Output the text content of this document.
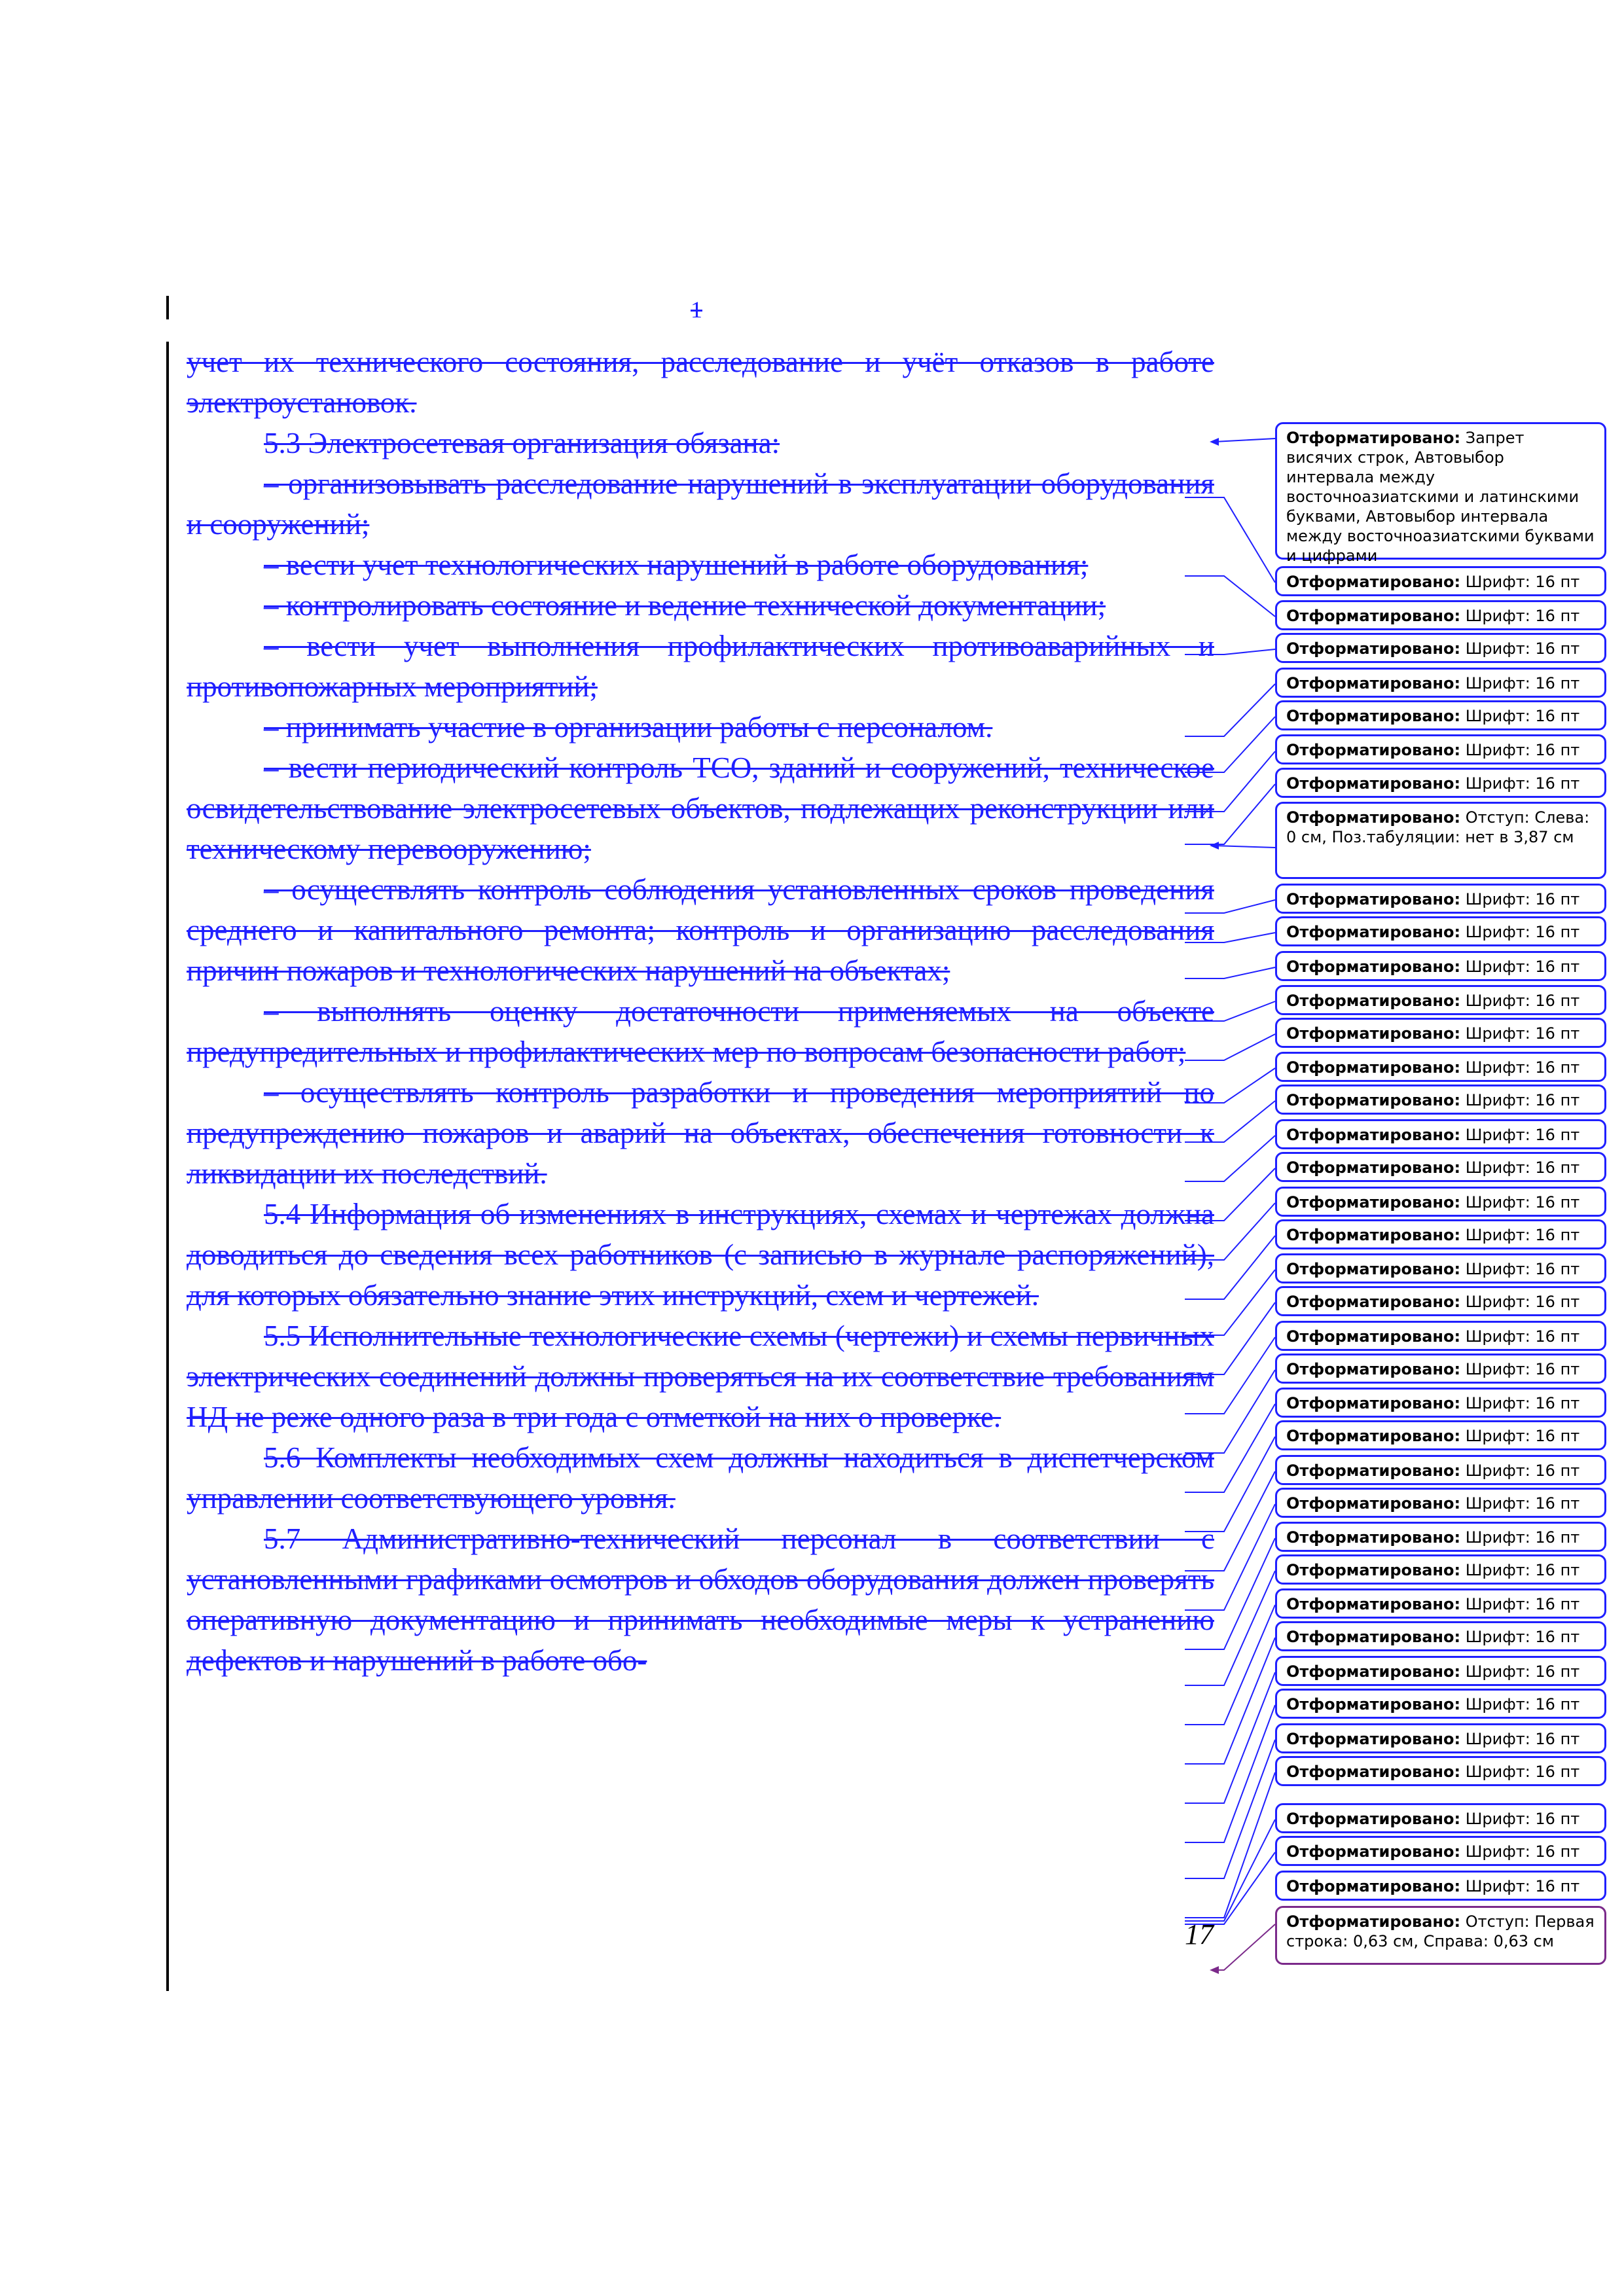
1

учет их технического состояния, расследование и учёт отказов в работе электроустановок.

5.3 Электросетевая организация обязана:

– организовывать расследование нарушений в эксплуатации оборудования и сооружений;

– вести учет технологических нарушений в работе оборудования;

– контролировать состояние и ведение технической документации;

– вести учет выполнения профилактических противоаварийных и противопожарных мероприятий;

– принимать участие в организации работы с персоналом.

– вести периодический контроль ТСО, зданий и сооружений, техническое освидетельствование электросетевых объектов, подлежащих реконструкции или техническому перевооружению;

– осуществлять контроль соблюдения установленных сроков проведения среднего и капитального ремонта; контроль и организацию расследования причин пожаров и технологических нарушений на объектах;

– выполнять оценку достаточности применяемых на объекте предупредительных и профилактических мер по вопросам безопасности работ;

– осуществлять контроль разработки и проведения мероприятий по предупреждению пожаров и аварий на объектах, обеспечения готовности к ликвидации их последствий.

5.4 Информация об изменениях в инструкциях, схемах и чертежах должна доводиться до сведения всех работников (с записью в журнале распоряжений), для которых обязательно знание этих инструкций, схем и чертежей.

5.5 Исполнительные технологические схемы (чертежи) и схемы первичных электрических соединений должны проверяться на их соответствие требованиям НД не реже одного раза в три года с отметкой на них о проверке.

5.6 Комплекты необходимых схем должны находиться в диспетчерском управлении соответствующего уровня.

5.7 Административно-технический персонал в соответствии с установленными графиками осмотров и обходов оборудования должен проверять оперативную документацию и принимать необходимые меры к устранению дефектов и нарушений в работе обо-

17
Отформатировано: Запрет висячих строк, Автовыбор интервала между восточноазиатскими и латинскими буквами, Автовыбор интервала между восточноазиатскими буквами и цифрами
Отформатировано: Шрифт: 16 пт
Отформатировано: Шрифт: 16 пт
Отформатировано: Шрифт: 16 пт
Отформатировано: Шрифт: 16 пт
Отформатировано: Шрифт: 16 пт
Отформатировано: Шрифт: 16 пт
Отформатировано: Шрифт: 16 пт
Отформатировано: Отступ: Слева: 0 см, Поз.табуляции: нет в 3,87 см
Отформатировано: Шрифт: 16 пт
Отформатировано: Шрифт: 16 пт
Отформатировано: Шрифт: 16 пт
Отформатировано: Шрифт: 16 пт
Отформатировано: Шрифт: 16 пт
Отформатировано: Шрифт: 16 пт
Отформатировано: Шрифт: 16 пт
Отформатировано: Шрифт: 16 пт
Отформатировано: Шрифт: 16 пт
Отформатировано: Шрифт: 16 пт
Отформатировано: Шрифт: 16 пт
Отформатировано: Шрифт: 16 пт
Отформатировано: Шрифт: 16 пт
Отформатировано: Шрифт: 16 пт
Отформатировано: Шрифт: 16 пт
Отформатировано: Шрифт: 16 пт
Отформатировано: Шрифт: 16 пт
Отформатировано: Шрифт: 16 пт
Отформатировано: Шрифт: 16 пт
Отформатировано: Шрифт: 16 пт
Отформатировано: Шрифт: 16 пт
Отформатировано: Шрифт: 16 пт
Отформатировано: Шрифт: 16 пт
Отформатировано: Шрифт: 16 пт
Отформатировано: Шрифт: 16 пт
Отформатировано: Шрифт: 16 пт
Отформатировано: Шрифт: 16 пт
Отформатировано: Шрифт: 16 пт
Отформатировано: Шрифт: 16 пт
Отформатировано: Шрифт: 16 пт
Отформатировано: Отступ: Первая строка: 0,63 см, Справа: 0,63 см
